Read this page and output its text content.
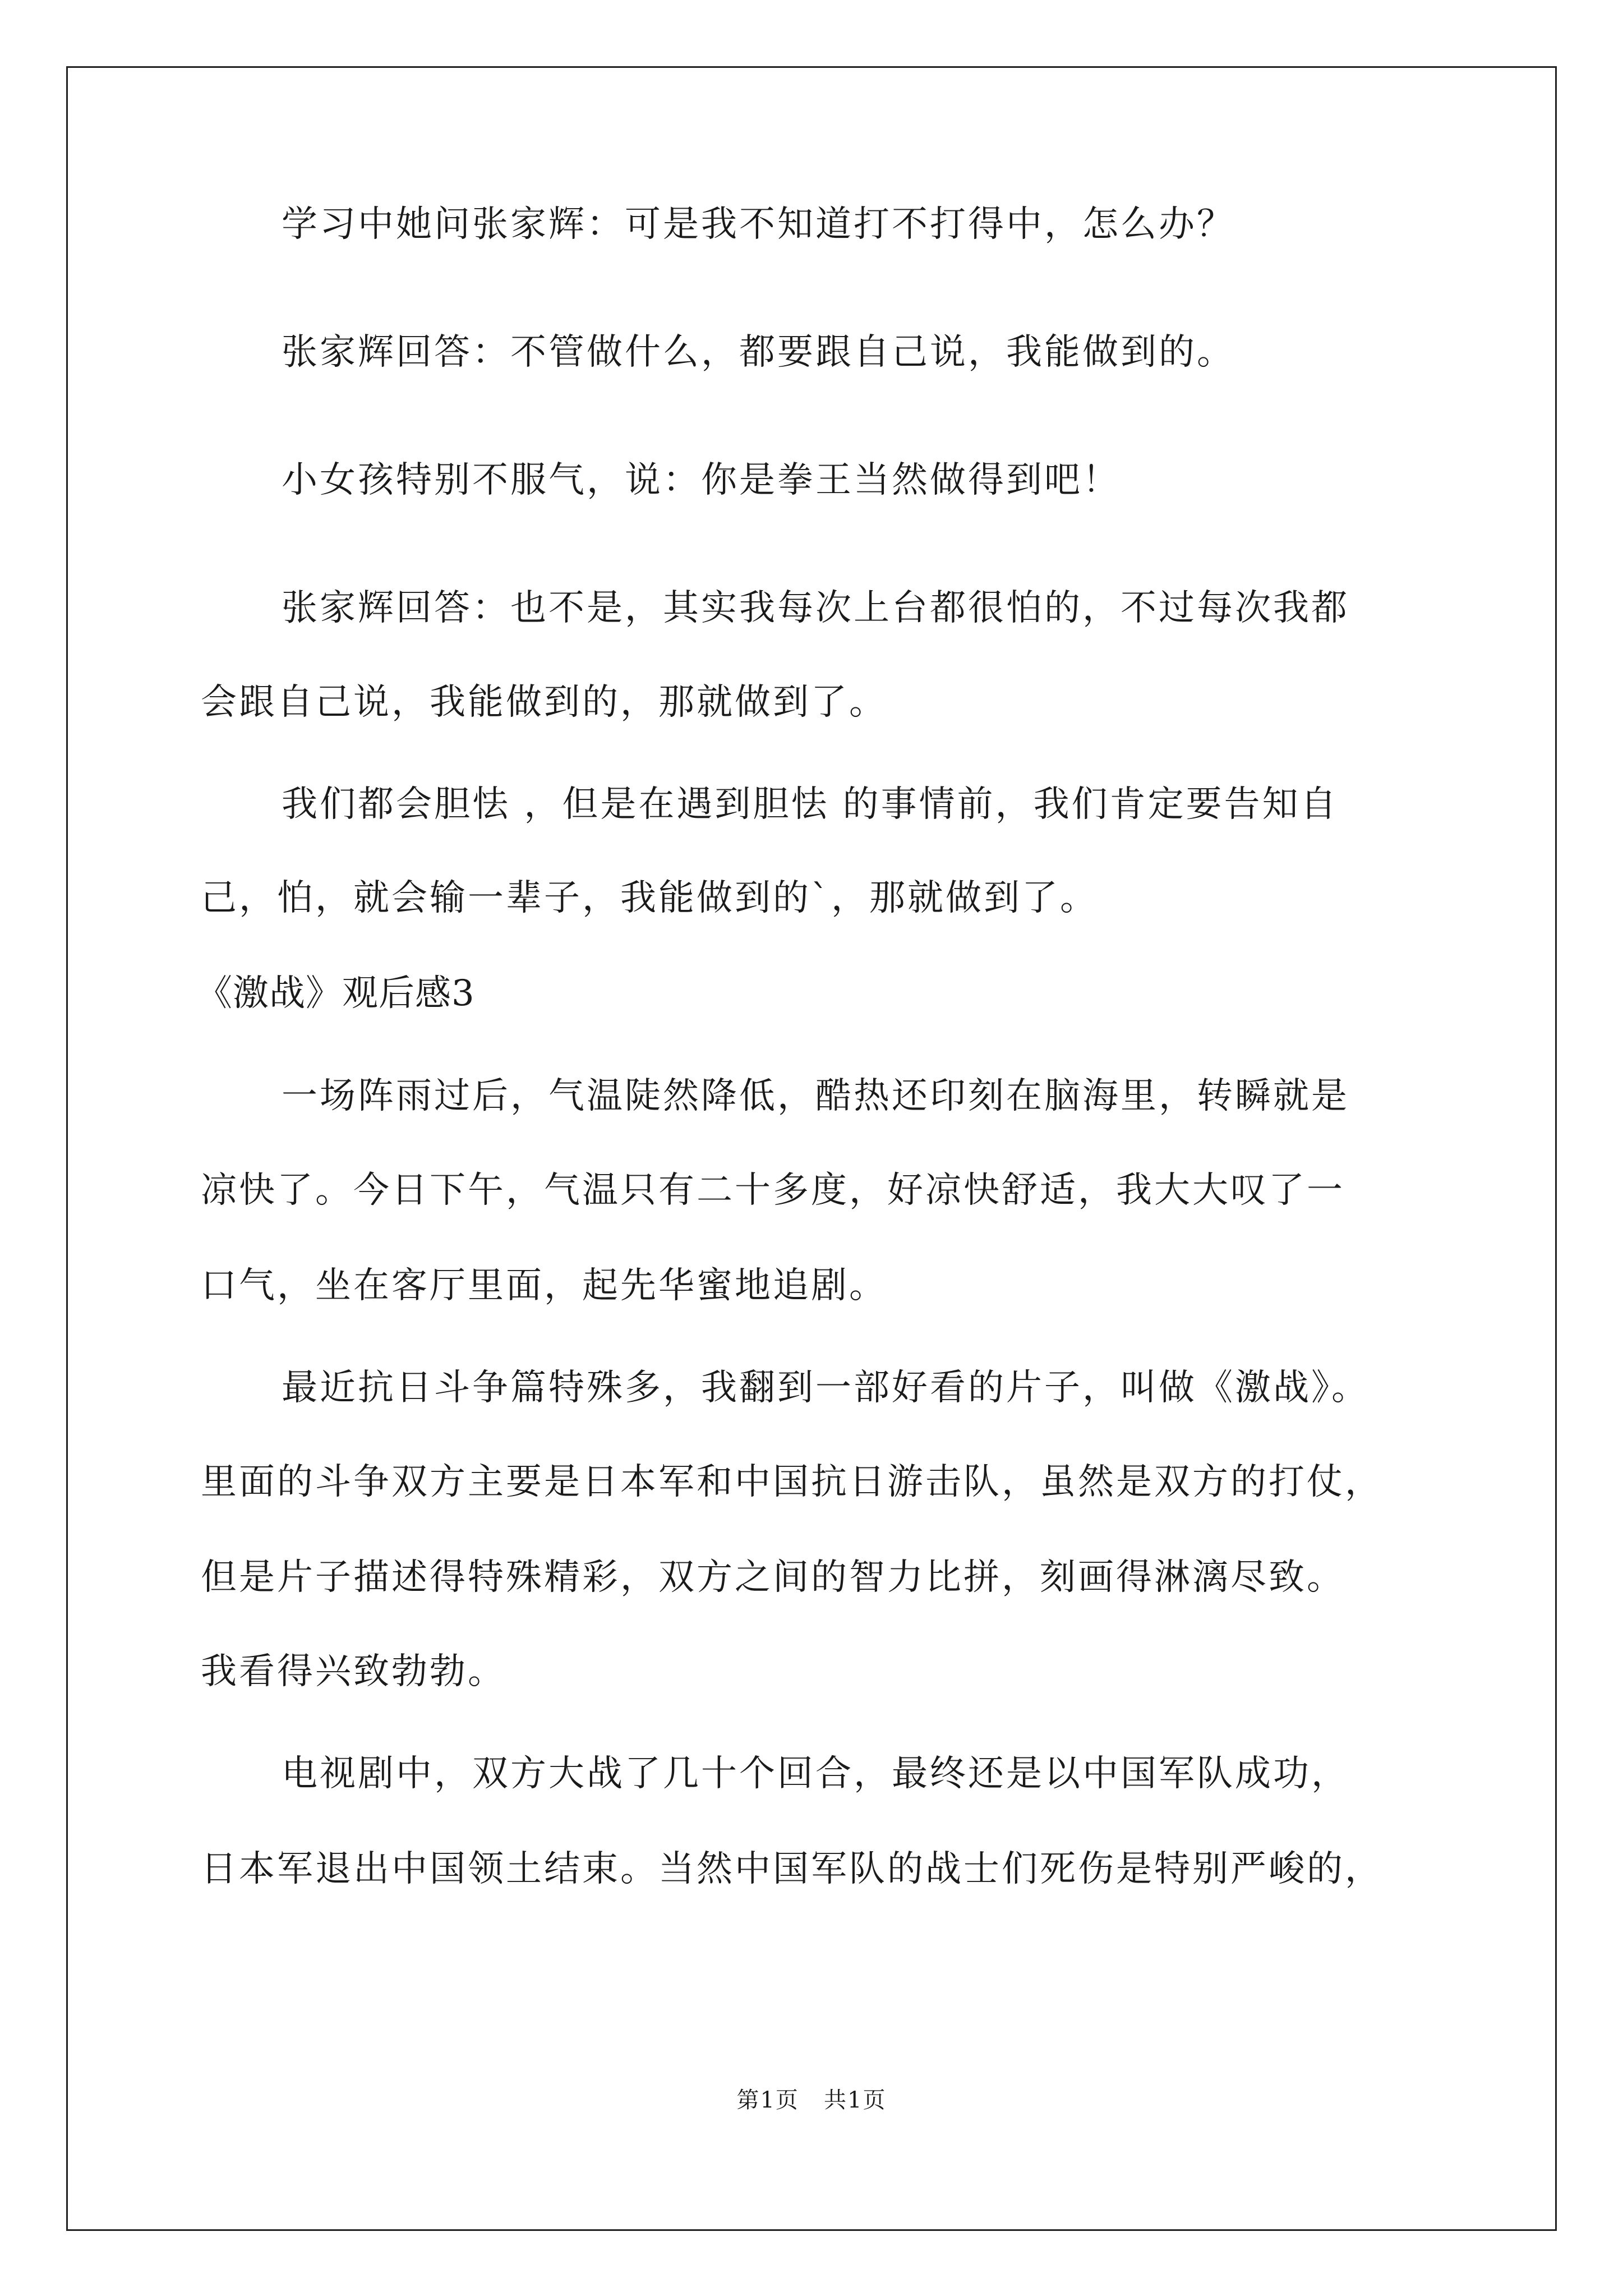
学习中她问张家辉：可是我不知道打不打得中，怎么办？
张家辉回答：不管做什么，都要跟自己说，我能做到的。
小女孩特别不服气，说：你是拳王当然做得到吧！
张家辉回答：也不是，其实我每次上台都很怕的，不过每次我都
会跟自己说，我能做到的，那就做到了。
我们都会胆怯 ，但是在遇到胆怯 的事情前，我们肯定要告知自
己，怕，就会输一辈子，我能做到的`，那就做到了。
《激战》观后感3
一场阵雨过后，气温陡然降低，酷热还印刻在脑海里，转瞬就是
凉快了。今日下午，气温只有二十多度，好凉快舒适，我大大叹了一
口气，坐在客厅里面，起先华蜜地追剧。
最近抗日斗争篇特殊多，我翻到一部好看的片子，叫做《激战》。
里面的斗争双方主要是日本军和中国抗日游击队，虽然是双方的打仗，
但是片子描述得特殊精彩，双方之间的智力比拼，刻画得淋漓尽致。
我看得兴致勃勃。
电视剧中，双方大战了几十个回合，最终还是以中国军队成功，
日本军退出中国领土结束。当然中国军队的战士们死伤是特别严峻的，
第1页   共1页
